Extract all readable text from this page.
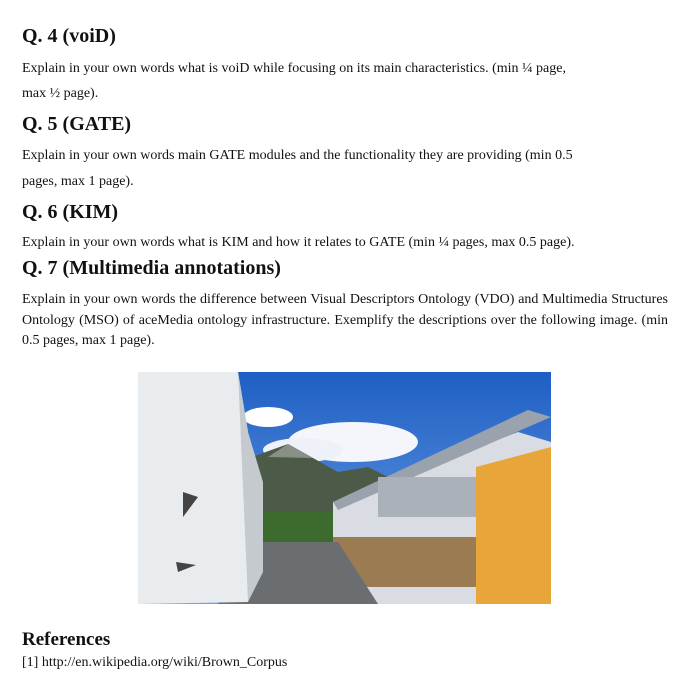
Q. 4 (voiD)
Explain in your own words what is voiD while focusing on its main characteristics. (min ¼ page,
max ½ page).
Q. 5 (GATE)
Explain in your own words main GATE modules and the functionality they are providing (min 0.5
pages, max 1 page).
Q. 6 (KIM)
Explain in your own words what is KIM and how it relates to GATE (min ¼ pages, max 0.5 page).
Q. 7 (Multimedia annotations)
Explain in your own words the difference between Visual Descriptors Ontology (VDO) and Multimedia Structures Ontology (MSO) of aceMedia ontology infrastructure. Exemplify the descriptions over the following image. (min 0.5 pages, max 1 page).
References
[1] http://en.wikipedia.org/wiki/Brown_Corpus
